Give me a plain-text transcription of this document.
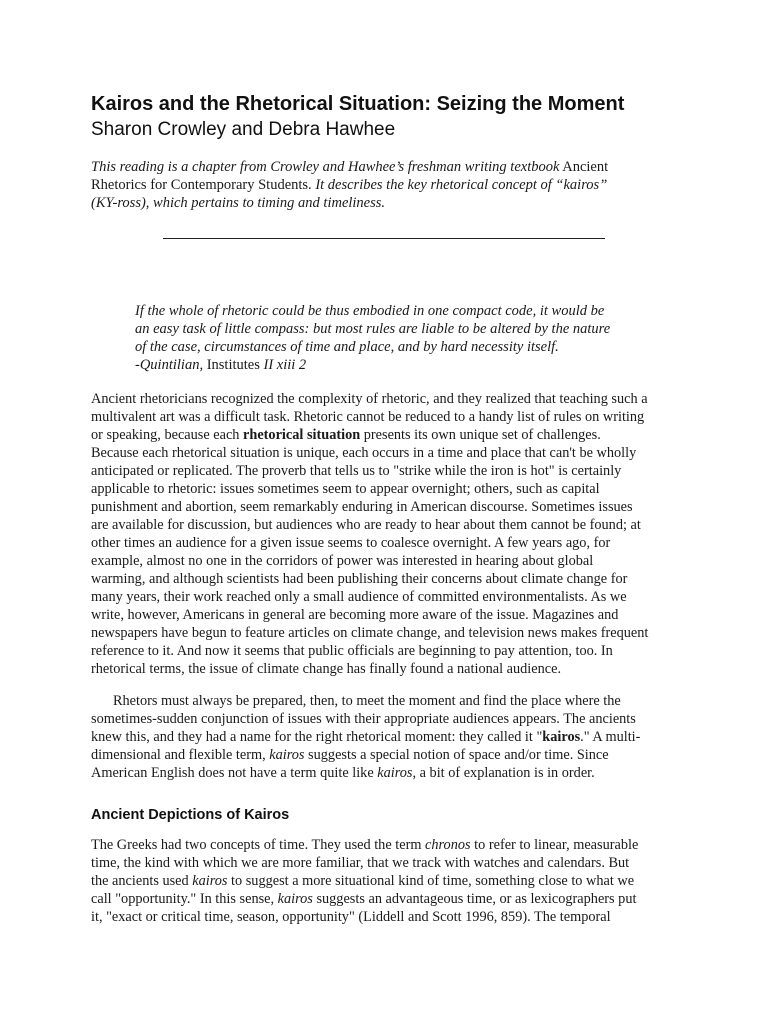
Kairos and the Rhetorical Situation: Seizing the Moment
Sharon Crowley and Debra Hawhee
This reading is a chapter from Crowley and Hawhee’s freshman writing textbook Ancient
Rhetorics for Contemporary Students. It describes the key rhetorical concept of “kairos”
(KY-ross), which pertains to timing and timeliness.
If the whole of rhetoric could be thus embodied in one compact code, it would be
an easy task of little compass: but most rules are liable to be altered by the nature
of the case, circumstances of time and place, and by hard necessity itself.
-Quintilian, Institutes II xiii 2
Ancient rhetoricians recognized the complexity of rhetoric, and they realized that teaching such a
multivalent art was a difficult task. Rhetoric cannot be reduced to a handy list of rules on writing
or speaking, because each rhetorical situation presents its own unique set of challenges.
Because each rhetorical situation is unique, each occurs in a time and place that can't be wholly
anticipated or replicated. The proverb that tells us to "strike while the iron is hot" is certainly
applicable to rhetoric: issues sometimes seem to appear overnight; others, such as capital
punishment and abortion, seem remarkably enduring in American discourse. Sometimes issues
are available for discussion, but audiences who are ready to hear about them cannot be found; at
other times an audience for a given issue seems to coalesce overnight. A few years ago, for
example, almost no one in the corridors of power was interested in hearing about global
warming, and although scientists had been publishing their concerns about climate change for
many years, their work reached only a small audience of committed environmentalists. As we
write, however, Americans in general are becoming more aware of the issue. Magazines and
newspapers have begun to feature articles on climate change, and television news makes frequent
reference to it. And now it seems that public officials are beginning to pay attention, too. In
rhetorical terms, the issue of climate change has finally found a national audience.
Rhetors must always be prepared, then, to meet the moment and find the place where the
sometimes-sudden conjunction of issues with their appropriate audiences appears. The ancients
knew this, and they had a name for the right rhetorical moment: they called it "kairos." A multi-
dimensional and flexible term, kairos suggests a special notion of space and/or time. Since
American English does not have a term quite like kairos, a bit of explanation is in order.
Ancient Depictions of Kairos
The Greeks had two concepts of time. They used the term chronos to refer to linear, measurable
time, the kind with which we are more familiar, that we track with watches and calendars. But
the ancients used kairos to suggest a more situational kind of time, something close to what we
call "opportunity." In this sense, kairos suggests an advantageous time, or as lexicographers put
it, "exact or critical time, season, opportunity" (Liddell and Scott 1996, 859). The temporal
